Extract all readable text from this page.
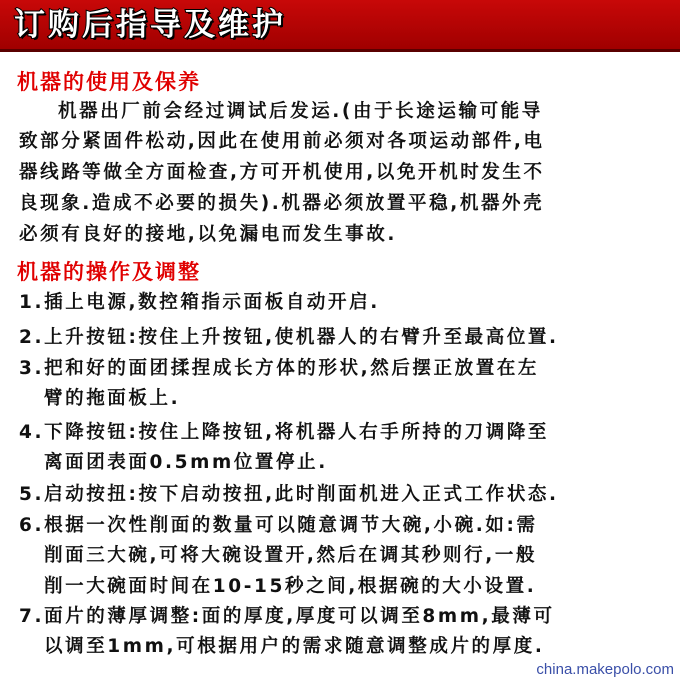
订购后指导及维护
机器的使用及保养
机器出厂前会经过调试后发运.(由于长途运输可能导
致部分紧固件松动,因此在使用前必须对各项运动部件,电
器线路等做全方面检查,方可开机使用,以免开机时发生不
良现象.造成不必要的损失).机器必须放置平稳,机器外壳
必须有良好的接地,以免漏电而发生事故.
机器的操作及调整
1.插上电源,数控箱指示面板自动开启.
2.上升按钮:按住上升按钮,使机器人的右臂升至最高位置.
3.把和好的面团揉捏成长方体的形状,然后摆正放置在左
臂的拖面板上.
4.下降按钮:按住上降按钮,将机器人右手所持的刀调降至
离面团表面0.5mm位置停止.
5.启动按扭:按下启动按扭,此时削面机进入正式工作状态.
6.根据一次性削面的数量可以随意调节大碗,小碗.如:需
削面三大碗,可将大碗设置开,然后在调其秒则行,一般
削一大碗面时间在10-15秒之间,根据碗的大小设置.
7.面片的薄厚调整:面的厚度,厚度可以调至8mm,最薄可
以调至1mm,可根据用户的需求随意调整成片的厚度.
china.makepolo.com
